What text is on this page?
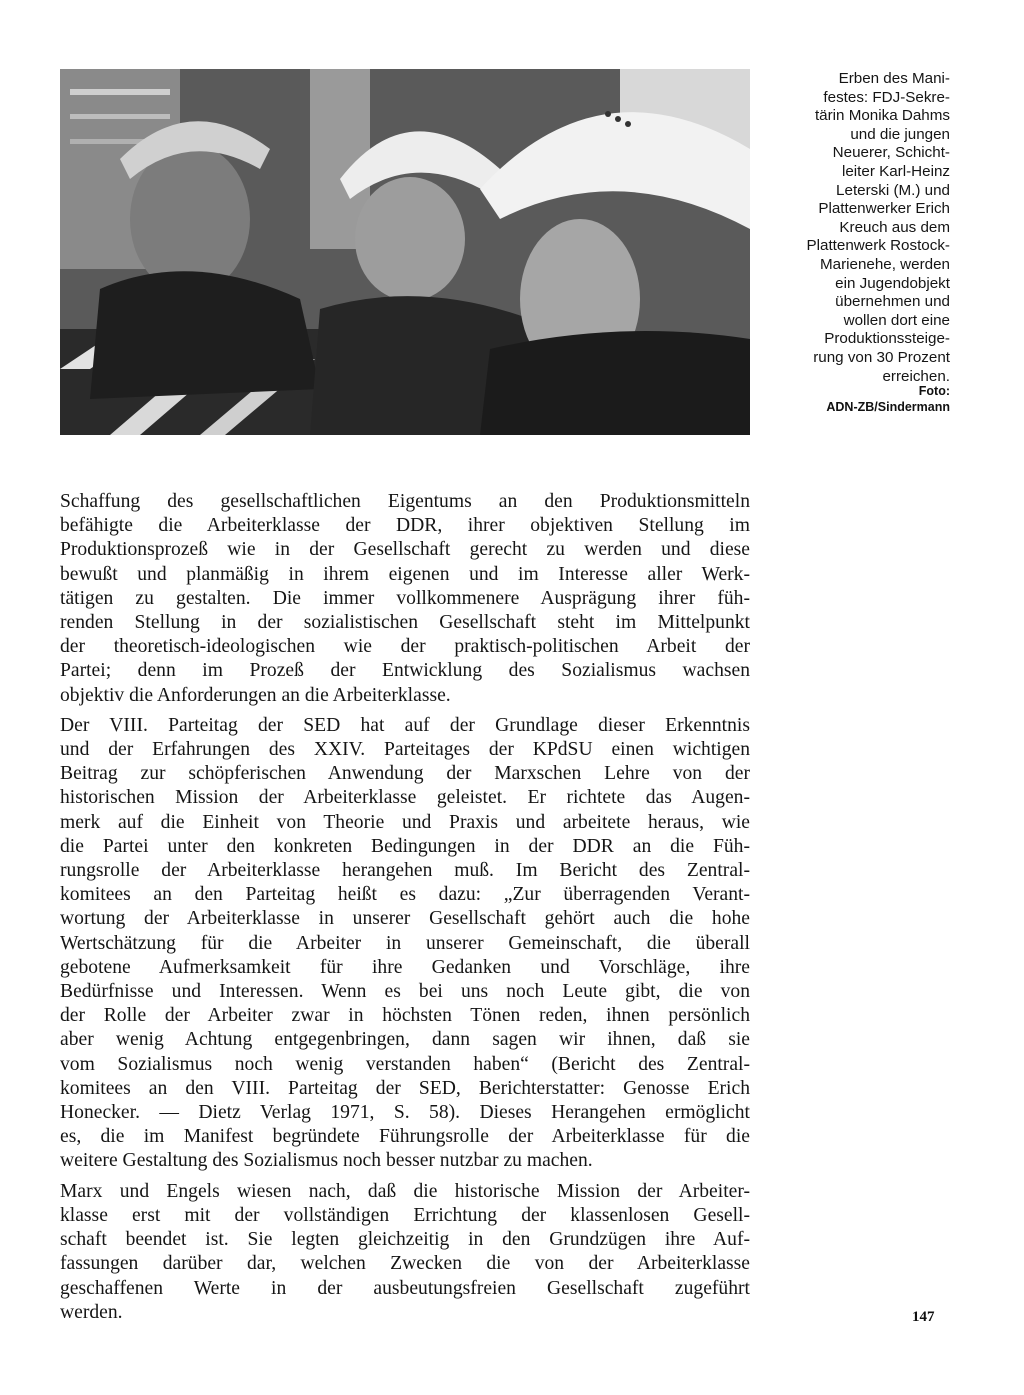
Erben des Mani-
festes: FDJ-Sekre-
tärin Monika Dahms
und die jungen
Neuerer, Schicht-
leiter Karl-Heinz
Leterski (M.) und
Plattenwerker Erich
Kreuch aus dem
Plattenwerk Rostock-
Marienehe, werden
ein Jugendobjekt
übernehmen und
wollen dort eine
Produktionssteige-
rung von 30 Prozent
erreichen.
Foto:
ADN-ZB/Sindermann

Schaffung des gesellschaftlichen Eigentums an den Produktionsmitteln
befähigte die Arbeiterklasse der DDR, ihrer objektiven Stellung im
Produktionsprozeß wie in der Gesellschaft gerecht zu werden und diese
bewußt und planmäßig in ihrem eigenen und im Interesse aller Werk-
tätigen zu gestalten. Die immer vollkommenere Ausprägung ihrer füh-
renden Stellung in der sozialistischen Gesellschaft steht im Mittelpunkt
der theoretisch-ideologischen wie der praktisch-politischen Arbeit der
Partei; denn im Prozeß der Entwicklung des Sozialismus wachsen
objektiv die Anforderungen an die Arbeiterklasse.

Der VIII. Parteitag der SED hat auf der Grundlage dieser Erkenntnis
und der Erfahrungen des XXIV. Parteitages der KPdSU einen wichtigen
Beitrag zur schöpferischen Anwendung der Marxschen Lehre von der
historischen Mission der Arbeiterklasse geleistet. Er richtete das Augen-
merk auf die Einheit von Theorie und Praxis und arbeitete heraus, wie
die Partei unter den konkreten Bedingungen in der DDR an die Füh-
rungsrolle der Arbeiterklasse herangehen muß. Im Bericht des Zentral-
komitees an den Parteitag heißt es dazu: „Zur überragenden Verant-
wortung der Arbeiterklasse in unserer Gesellschaft gehört auch die hohe
Wertschätzung für die Arbeiter in unserer Gemeinschaft, die überall
gebotene Aufmerksamkeit für ihre Gedanken und Vorschläge, ihre
Bedürfnisse und Interessen. Wenn es bei uns noch Leute gibt, die von
der Rolle der Arbeiter zwar in höchsten Tönen reden, ihnen persönlich
aber wenig Achtung entgegenbringen, dann sagen wir ihnen, daß sie
vom Sozialismus noch wenig verstanden haben“ (Bericht des Zentral-
komitees an den VIII. Parteitag der SED, Berichterstatter: Genosse Erich
Honecker. — Dietz Verlag 1971, S. 58). Dieses Herangehen ermöglicht
es, die im Manifest begründete Führungsrolle der Arbeiterklasse für die
weitere Gestaltung des Sozialismus noch besser nutzbar zu machen.

Marx und Engels wiesen nach, daß die historische Mission der Arbeiter-
klasse erst mit der vollständigen Errichtung der klassenlosen Gesell-
schaft beendet ist. Sie legten gleichzeitig in den Grundzügen ihre Auf-
fassungen darüber dar, welchen Zwecken die von der Arbeiterklasse
geschaffenen Werte in der ausbeutungsfreien Gesellschaft zugeführt
werden.	147
